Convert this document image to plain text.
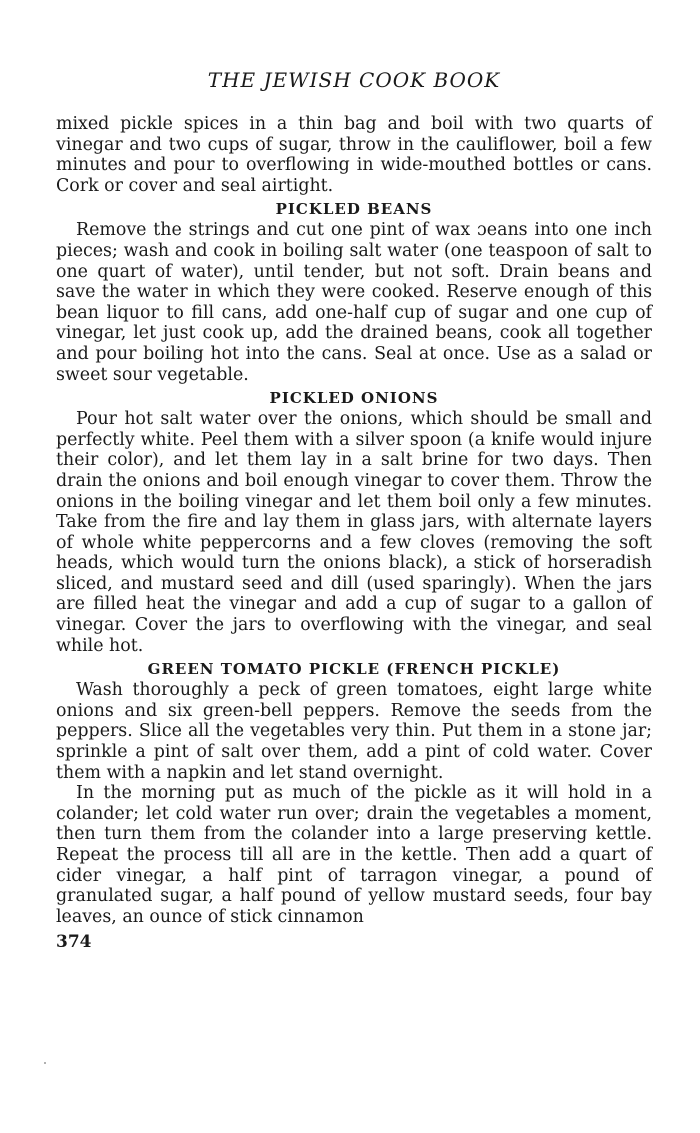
THE JEWISH COOK BOOK

mixed pickle spices in a thin bag and boil with two quarts of vinegar and two cups of sugar, throw in the cauliflower, boil a few minutes and pour to overflowing in wide-mouthed bottles or cans. Cork or cover and seal airtight.

PICKLED BEANS

Remove the strings and cut one pint of wax ɔeans into one inch pieces; wash and cook in boiling salt water (one teaspoon of salt to one quart of water), until tender, but not soft. Drain beans and save the water in which they were cooked. Reserve enough of this bean liquor to fill cans, add one-half cup of sugar and one cup of vinegar, let just cook up, add the drained beans, cook all together and pour boiling hot into the cans. Seal at once. Use as a salad or sweet sour vegetable.

PICKLED ONIONS

Pour hot salt water over the onions, which should be small and perfectly white. Peel them with a silver spoon (a knife would injure their color), and let them lay in a salt brine for two days. Then drain the onions and boil enough vinegar to cover them. Throw the onions in the boiling vinegar and let them boil only a few minutes. Take from the fire and lay them in glass jars, with alternate layers of whole white peppercorns and a few cloves (removing the soft heads, which would turn the onions black), a stick of horseradish sliced, and mustard seed and dill (used sparingly). When the jars are filled heat the vinegar and add a cup of sugar to a gallon of vinegar. Cover the jars to overflowing with the vinegar, and seal while hot.

GREEN TOMATO PICKLE (FRENCH PICKLE)

Wash thoroughly a peck of green tomatoes, eight large white onions and six green-bell peppers. Remove the seeds from the peppers. Slice all the vegetables very thin. Put them in a stone jar; sprinkle a pint of salt over them, add a pint of cold water. Cover them with a napkin and let stand overnight.

In the morning put as much of the pickle as it will hold in a colander; let cold water run over; drain the vegetables a moment, then turn them from the colander into a large preserving kettle. Repeat the process till all are in the kettle. Then add a quart of cider vinegar, a half pint of tarragon vinegar, a pound of granulated sugar, a half pound of yellow mustard seeds, four bay leaves, an ounce of stick cinnamon

374
